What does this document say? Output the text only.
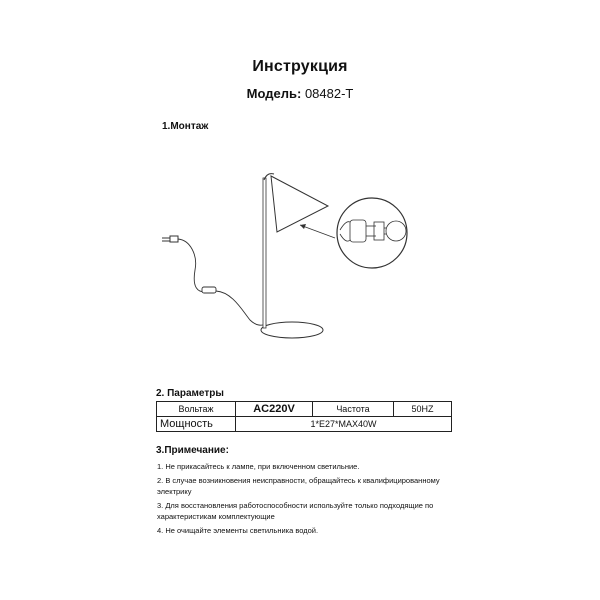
Инструкция
Модель: 08482-T
1.Монтаж
2. Параметры
Вольтаж	AC220V	Частота	50HZ
Мощность	1*E27*MAX40W		
3.Примечание:
1. Не прикасайтесь к лампе, при включенном светильние.
2. В случае возникновения неисправности, обращайтесь к квалифицированному электрику
3. Для восстановления работоспособности используйте только подходящие по характеристикам комплектующие
4. Не очищайте элементы светильника водой.
